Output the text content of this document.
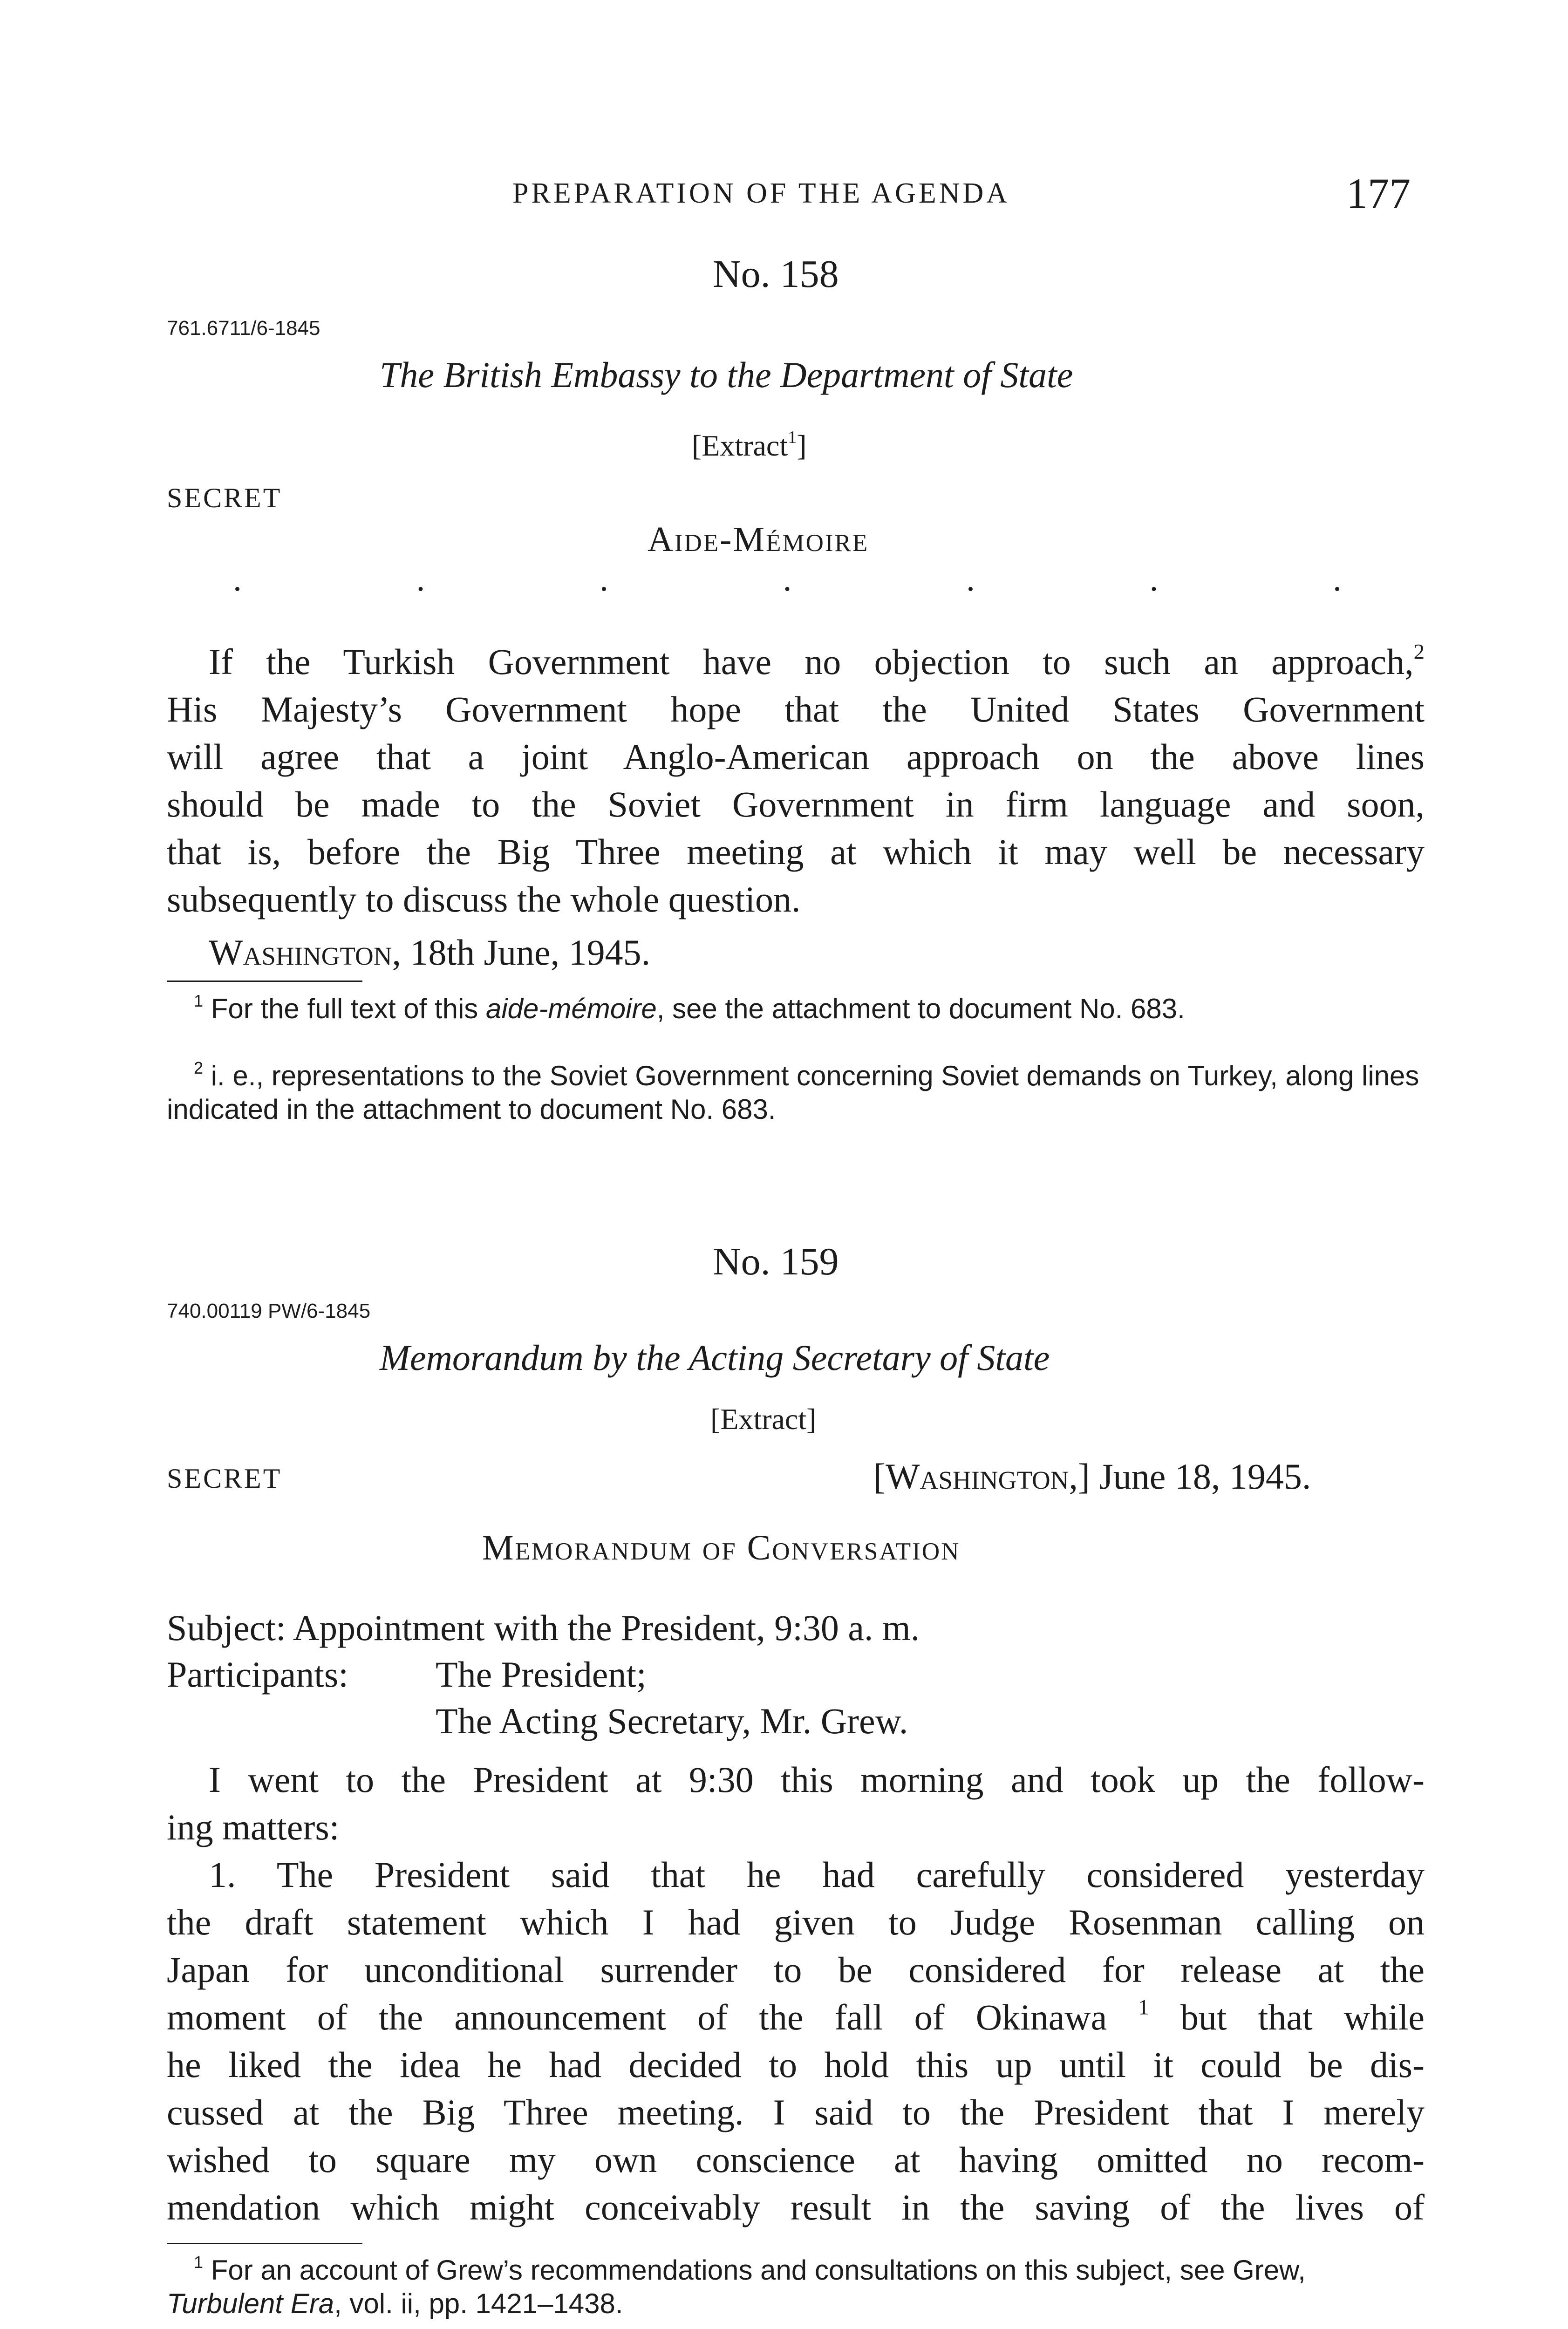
PREPARATION OF THE AGENDA	177
No. 158
761.6711/6-1845
The British Embassy to the Department of State
[Extract$^1$]
SECRET
Aide-Mémoire
.	.	.	.	.	.	.
If the Turkish Government have no objection to such an approach,$^2$
His Majesty’s Government hope that the United States Government
will agree that a joint Anglo-American approach on the above lines
should be made to the Soviet Government in firm language and soon,
that is, before the Big Three meeting at which it may well be necessary
subsequently to discuss the whole question.
Washington, 18th June, 1945.
$^1$ For the full text of this aide-mémoire, see the attachment to document No. 683.
$^2$ i. e., representations to the Soviet Government concerning Soviet demands on Turkey, along lines indicated in the attachment to document No. 683.
No. 159
740.00119 PW/6-1845
Memorandum by the Acting Secretary of State
[Extract]
SECRET	[Washington,] June 18, 1945.
Memorandum of Conversation
Subject: Appointment with the President, 9:30 a. m.
Participants: The President;
The Acting Secretary, Mr. Grew.
I went to the President at 9:30 this morning and took up the follow-
ing matters:
1. The President said that he had carefully considered yesterday
the draft statement which I had given to Judge Rosenman calling on
Japan for unconditional surrender to be considered for release at the
moment of the announcement of the fall of Okinawa $^1$ but that while
he liked the idea he had decided to hold this up until it could be dis-
cussed at the Big Three meeting. I said to the President that I merely
wished to square my own conscience at having omitted no recom-
mendation which might conceivably result in the saving of the lives of
$^1$ For an account of Grew’s recommendations and consultations on this subject, see Grew, Turbulent Era, vol. ii, pp. 1421–1438.
